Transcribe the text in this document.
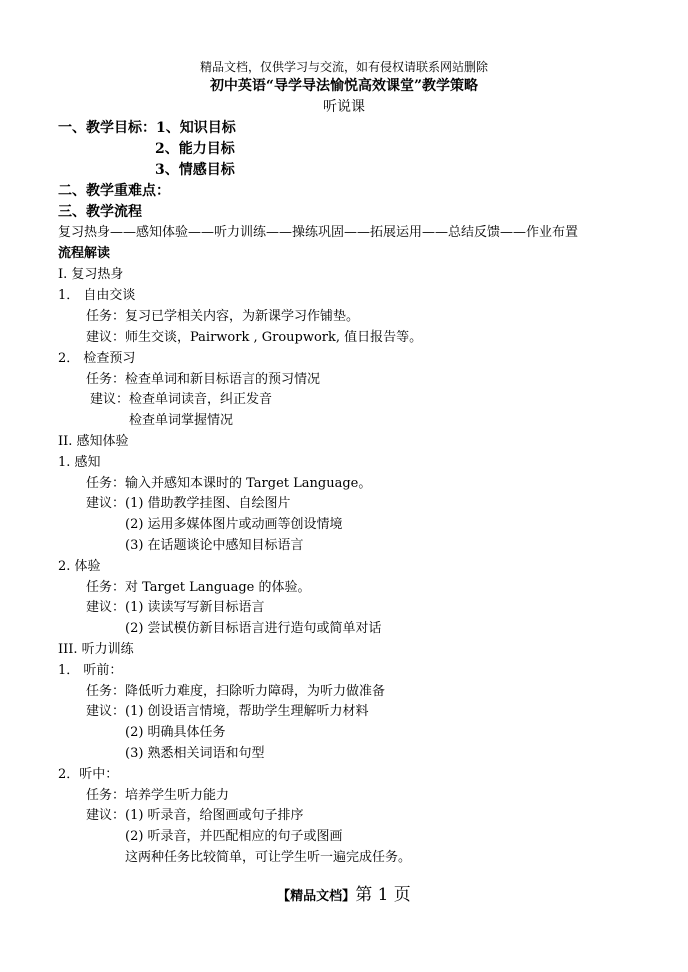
精品文档，仅供学习与交流，如有侵权请联系网站删除
初中英语“导学导法愉悦高效课堂”教学策略
听说课
一、教学目标：1、知识目标
2、能力目标
3、情感目标
二、教学重难点：
三、教学流程
复习热身——感知体验——听力训练——操练巩固——拓展运用——总结反馈——作业布置
流程解读
I. 复习热身
1． 自由交谈
任务：复习已学相关内容，为新课学习作铺垫。
建议：师生交谈，Pairwork , Groupwork, 值日报告等。
2． 检查预习
任务：检查单词和新目标语言的预习情况
建议：检查单词读音，纠正发音
检查单词掌握情况
II. 感知体验
1. 感知
任务：输入并感知本课时的 Target Language。
建议：(1) 借助教学挂图、自绘图片
(2) 运用多媒体图片或动画等创设情境
(3) 在话题谈论中感知目标语言
2. 体验
任务：对 Target Language 的体验。
建议：(1) 读读写写新目标语言
(2) 尝试模仿新目标语言进行造句或简单对话
III. 听力训练
1． 听前：
任务：降低听力难度，扫除听力障碍，为听力做准备
建议：(1) 创设语言情境，帮助学生理解听力材料
(2) 明确具体任务
(3) 熟悉相关词语和句型
2．听中：
任务：培养学生听力能力
建议：(1) 听录音，给图画或句子排序
(2) 听录音，并匹配相应的句子或图画
这两种任务比较简单，可让学生听一遍完成任务。
【精品文档】第 1 页
